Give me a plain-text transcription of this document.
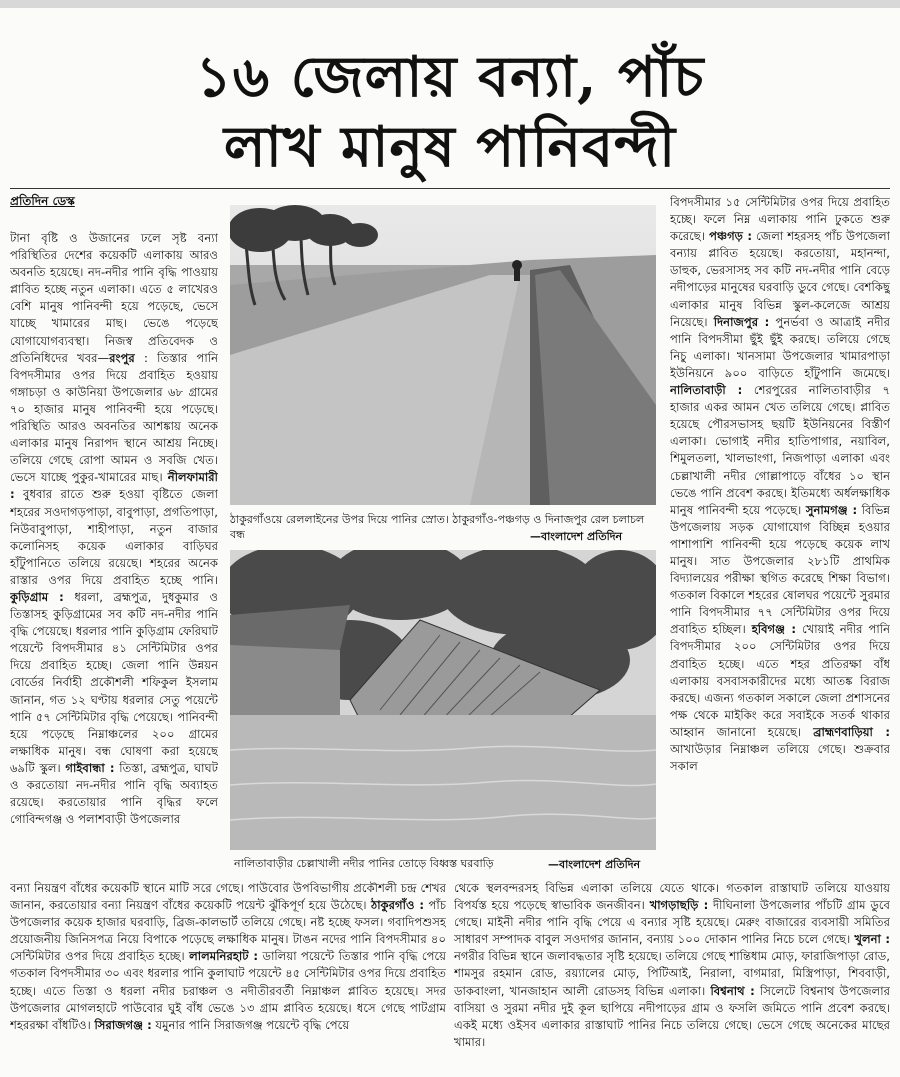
১৬ জেলায় বন্যা, পাঁচ
লাখ মানুষ পানিবন্দী
প্রতিদিন ডেস্ক

টানা বৃষ্টি ও উজানের ঢলে সৃষ্ট বন্যা পরিস্থিতির দেশের কয়েকটি এলাকায় আরও অবনতি হয়েছে। নদ-নদীর পানি বৃদ্ধি পাওয়ায় প্লাবিত হচ্ছে নতুন এলাকা। এতে ৫ লাখেরও বেশি মানুষ পানিবন্দী হয়ে পড়েছে, ভেসে যাচ্ছে খামারের মাছ। ভেঙে পড়েছে যোগাযোগব্যবস্থা। নিজস্ব প্রতিবেদক ও প্রতিনিধিদের খবর—রংপুর : তিস্তার পানি বিপদসীমার ওপর দিয়ে প্রবাহিত হওয়ায় গঙ্গাচড়া ও কাউনিয়া উপজেলার ৬৮ গ্রামের ৭০ হাজার মানুষ পানিবন্দী হয়ে পড়েছে। পরিস্থিতি আরও অবনতির আশঙ্কায় অনেক এলাকার মানুষ নিরাপদ স্থানে আশ্রয় নিচ্ছে। তলিয়ে গেছে রোপা আমন ও সবজি খেত। ভেসে যাচ্ছে পুকুর-খামারের মাছ। নীলফামারী : বুধবার রাতে শুরু হওয়া বৃষ্টিতে জেলা শহরের সওদাগড়পাড়া, বাবুপাড়া, প্রগতিপাড়া, নিউবাবুপাড়া, শাহীপাড়া, নতুন বাজার কলোনিসহ কয়েক এলাকার বাড়িঘর হাঁটুপানিতে তলিয়ে রয়েছে। শহরের অনেক রাস্তার ওপর দিয়ে প্রবাহিত হচ্ছে পানি। কুড়িগ্রাম : ধরলা, ব্রহ্মপুত্র, দুধকুমার ও তিস্তাসহ কুড়িগ্রামের সব কটি নদ-নদীর পানি বৃদ্ধি পেয়েছে। ধরলার পানি কুড়িগ্রাম ফেরিঘাট পয়েন্টে বিপদসীমার ৪১ সেন্টিমিটার ওপর দিয়ে প্রবাহিত হচ্ছে। জেলা পানি উন্নয়ন বোর্ডের নির্বাহী প্রকৌশলী শফিকুল ইসলাম জানান, গত ১২ ঘণ্টায় ধরলার সেতু পয়েন্টে পানি ৫৭ সেন্টিমিটার বৃদ্ধি পেয়েছে। পানিবন্দী হয়ে পড়েছে নিম্নাঞ্চলের ২০০ গ্রামের লক্ষাধিক মানুষ। বন্ধ ঘোষণা করা হয়েছে ৬৯টি স্কুল। গাইবান্ধা : তিস্তা, ব্রহ্মপুত্র, ঘাঘট ও করতোয়া নদ-নদীর পানি বৃদ্ধি অব্যাহত রয়েছে। করতোয়ার পানি বৃদ্ধির ফলে গোবিন্দগঞ্জ ও পলাশবাড়ী উপজেলার

ঠাকুরগাঁওয়ে রেললাইনের উপর দিয়ে পানির স্রোত। ঠাকুরগাঁও-পঞ্চগড় ও দিনাজপুর রেল চলাচল বন্ধ	—বাংলাদেশ প্রতিদিন
নালিতাবাড়ীর চেল্লাখালী নদীর পানির তোড়ে বিধ্বস্ত ঘরবাড়ি	—বাংলাদেশ প্রতিদিন

বিপদসীমার ১৫ সেন্টিমিটার ওপর দিয়ে প্রবাহিত হচ্ছে। ফলে নিম্ন এলাকায় পানি ঢুকতে শুরু করেছে। পঞ্চগড় : জেলা শহরসহ পাঁচ উপজেলা বন্যায় প্লাবিত হয়েছে। করতোয়া, মহানন্দা, ডাহুক, ভেরসাসহ সব কটি নদ-নদীর পানি বেড়ে নদীপাড়ের মানুষের ঘরবাড়ি ডুবে গেছে। বেশকিছু এলাকার মানুষ বিভিন্ন স্কুল-কলেজে আশ্রয় নিয়েছে। দিনাজপুর : পুনর্ভবা ও আত্রাই নদীর পানি বিপদসীমা ছুঁই ছুঁই করছে। তলিয়ে গেছে নিচু এলাকা। খানসামা উপজেলার খামারপাড়া ইউনিয়নে ৯০০ বাড়িতে হাঁটুপানি জমেছে। নালিতাবাড়ী : শেরপুরের নালিতাবাড়ীর ৭ হাজার একর আমন খেত তলিয়ে গেছে। প্লাবিত হয়েছে পৌরসভাসহ ছয়টি ইউনিয়নের বিস্তীর্ণ এলাকা। ভোগাই নদীর হাতিপাগার, নয়াবিল, শিমুলতলা, খালভাংগা, নিজপাড়া এলাকা এবং চেল্লাখালী নদীর গোল্লাপাড়ে বাঁধের ১০ স্থান ভেঙে পানি প্রবেশ করছে। ইতিমধ্যে অর্ধলক্ষাধিক মানুষ পানিবন্দী হয়ে পড়েছে। সুনামগঞ্জ : বিভিন্ন উপজেলায় সড়ক যোগাযোগ বিচ্ছিন্ন হওয়ার পাশাপাশি পানিবন্দী হয়ে পড়েছে কয়েক লাখ মানুষ। সাত উপজেলার ২৮১টি প্রাথমিক বিদ্যালয়ের পরীক্ষা স্থগিত করেছে শিক্ষা বিভাগ। গতকাল বিকালে শহরের ষোলঘর পয়েন্টে সুরমার পানি বিপদসীমার ৭৭ সেন্টিমিটার ওপর দিয়ে প্রবাহিত হচ্ছিল। হবিগঞ্জ : খোয়াই নদীর পানি বিপদসীমার ২০০ সেন্টিমিটার ওপর দিয়ে প্রবাহিত হচ্ছে। এতে শহর প্রতিরক্ষা বাঁধ এলাকায় বসবাসকারীদের মধ্যে আতঙ্ক বিরাজ করছে। এজন্য গতকাল সকালে জেলা প্রশাসনের পক্ষ থেকে মাইকিং করে সবাইকে সতর্ক থাকার আহ্বান জানানো হয়েছে। ব্রাহ্মণবাড়িয়া : আখাউড়ার নিম্নাঞ্চল তলিয়ে গেছে। শুক্রবার সকাল

বন্যা নিয়ন্ত্রণ বাঁধের কয়েকটি স্থানে মাটি সরে গেছে। পাউবোর উপবিভাগীয় প্রকৌশলী চন্দ্র শেখর জানান, করতোয়ার বন্যা নিয়ন্ত্রণ বাঁধের কয়েকটি পয়েন্ট ঝুঁকিপূর্ণ হয়ে উঠেছে। ঠাকুরগাঁও : পাঁচ উপজেলার কয়েক হাজার ঘরবাড়ি, ব্রিজ-কালভার্ট তলিয়ে গেছে। নষ্ট হচ্ছে ফসল। গবাদিপশুসহ প্রয়োজনীয় জিনিসপত্র নিয়ে বিপাকে পড়েছে লক্ষাধিক মানুষ। টাঙন নদের পানি বিপদসীমার ৪০ সেন্টিমিটার ওপর দিয়ে প্রবাহিত হচ্ছে। লালমনিরহাট : ডালিয়া পয়েন্টে তিস্তার পানি বৃদ্ধি পেয়ে গতকাল বিপদসীমার ৩০ এবং ধরলার পানি কুলাঘাট পয়েন্টে ৪৫ সেন্টিমিটার ওপর দিয়ে প্রবাহিত হচ্ছে। এতে তিস্তা ও ধরলা নদীর চরাঞ্চল ও নদীতীরবর্তী নিম্নাঞ্চল প্লাবিত হয়েছে। সদর উপজেলার মোগলহাটে পাউবোর ঘুই বাঁধ ভেঙে ১৩ গ্রাম প্লাবিত হয়েছে। ধসে গেছে পাটগ্রাম শহররক্ষা বাঁধটিও। সিরাজগঞ্জ : যমুনার পানি সিরাজগঞ্জ পয়েন্টে বৃদ্ধি পেয়ে

থেকে স্থলবন্দরসহ বিভিন্ন এলাকা তলিয়ে যেতে থাকে। গতকাল রাস্তাঘাট তলিয়ে যাওয়ায় বিপর্যস্ত হয়ে পড়েছে স্বাভাবিক জনজীবন। খাগড়াছড়ি : দীঘিনালা উপজেলার পাঁচটি গ্রাম ডুবে গেছে। মাইনী নদীর পানি বৃদ্ধি পেয়ে এ বন্যার সৃষ্টি হয়েছে। মেরুং বাজারের ব্যবসায়ী সমিতির সাধারণ সম্পাদক বাবুল সওদাগর জানান, বন্যায় ১০০ দোকান পানির নিচে চলে গেছে। খুলনা : নগরীর বিভিন্ন স্থানে জলাবদ্ধতার সৃষ্টি হয়েছে। তলিয়ে গেছে শান্তিধাম মোড়, ফারাজিপাড়া রোড, শামসুর রহমান রোড, রয়্যালের মোড়, পিটিআই, নিরালা, বাগমারা, মিস্ত্রিপাড়া, শিববাড়ী, ডাকবাংলা, খানজাহান আলী রোডসহ বিভিন্ন এলাকা। বিশ্বনাথ : সিলেটে বিশ্বনাথ উপজেলার বাসিয়া ও সুরমা নদীর দুই কূল ছাপিয়ে নদীপাড়ের গ্রাম ও ফসলি জমিতে পানি প্রবেশ করছে। একই মধ্যে ওইসব এলাকার রাস্তাঘাট পানির নিচে তলিয়ে গেছে। ভেসে গেছে অনেকের মাছের খামার।
